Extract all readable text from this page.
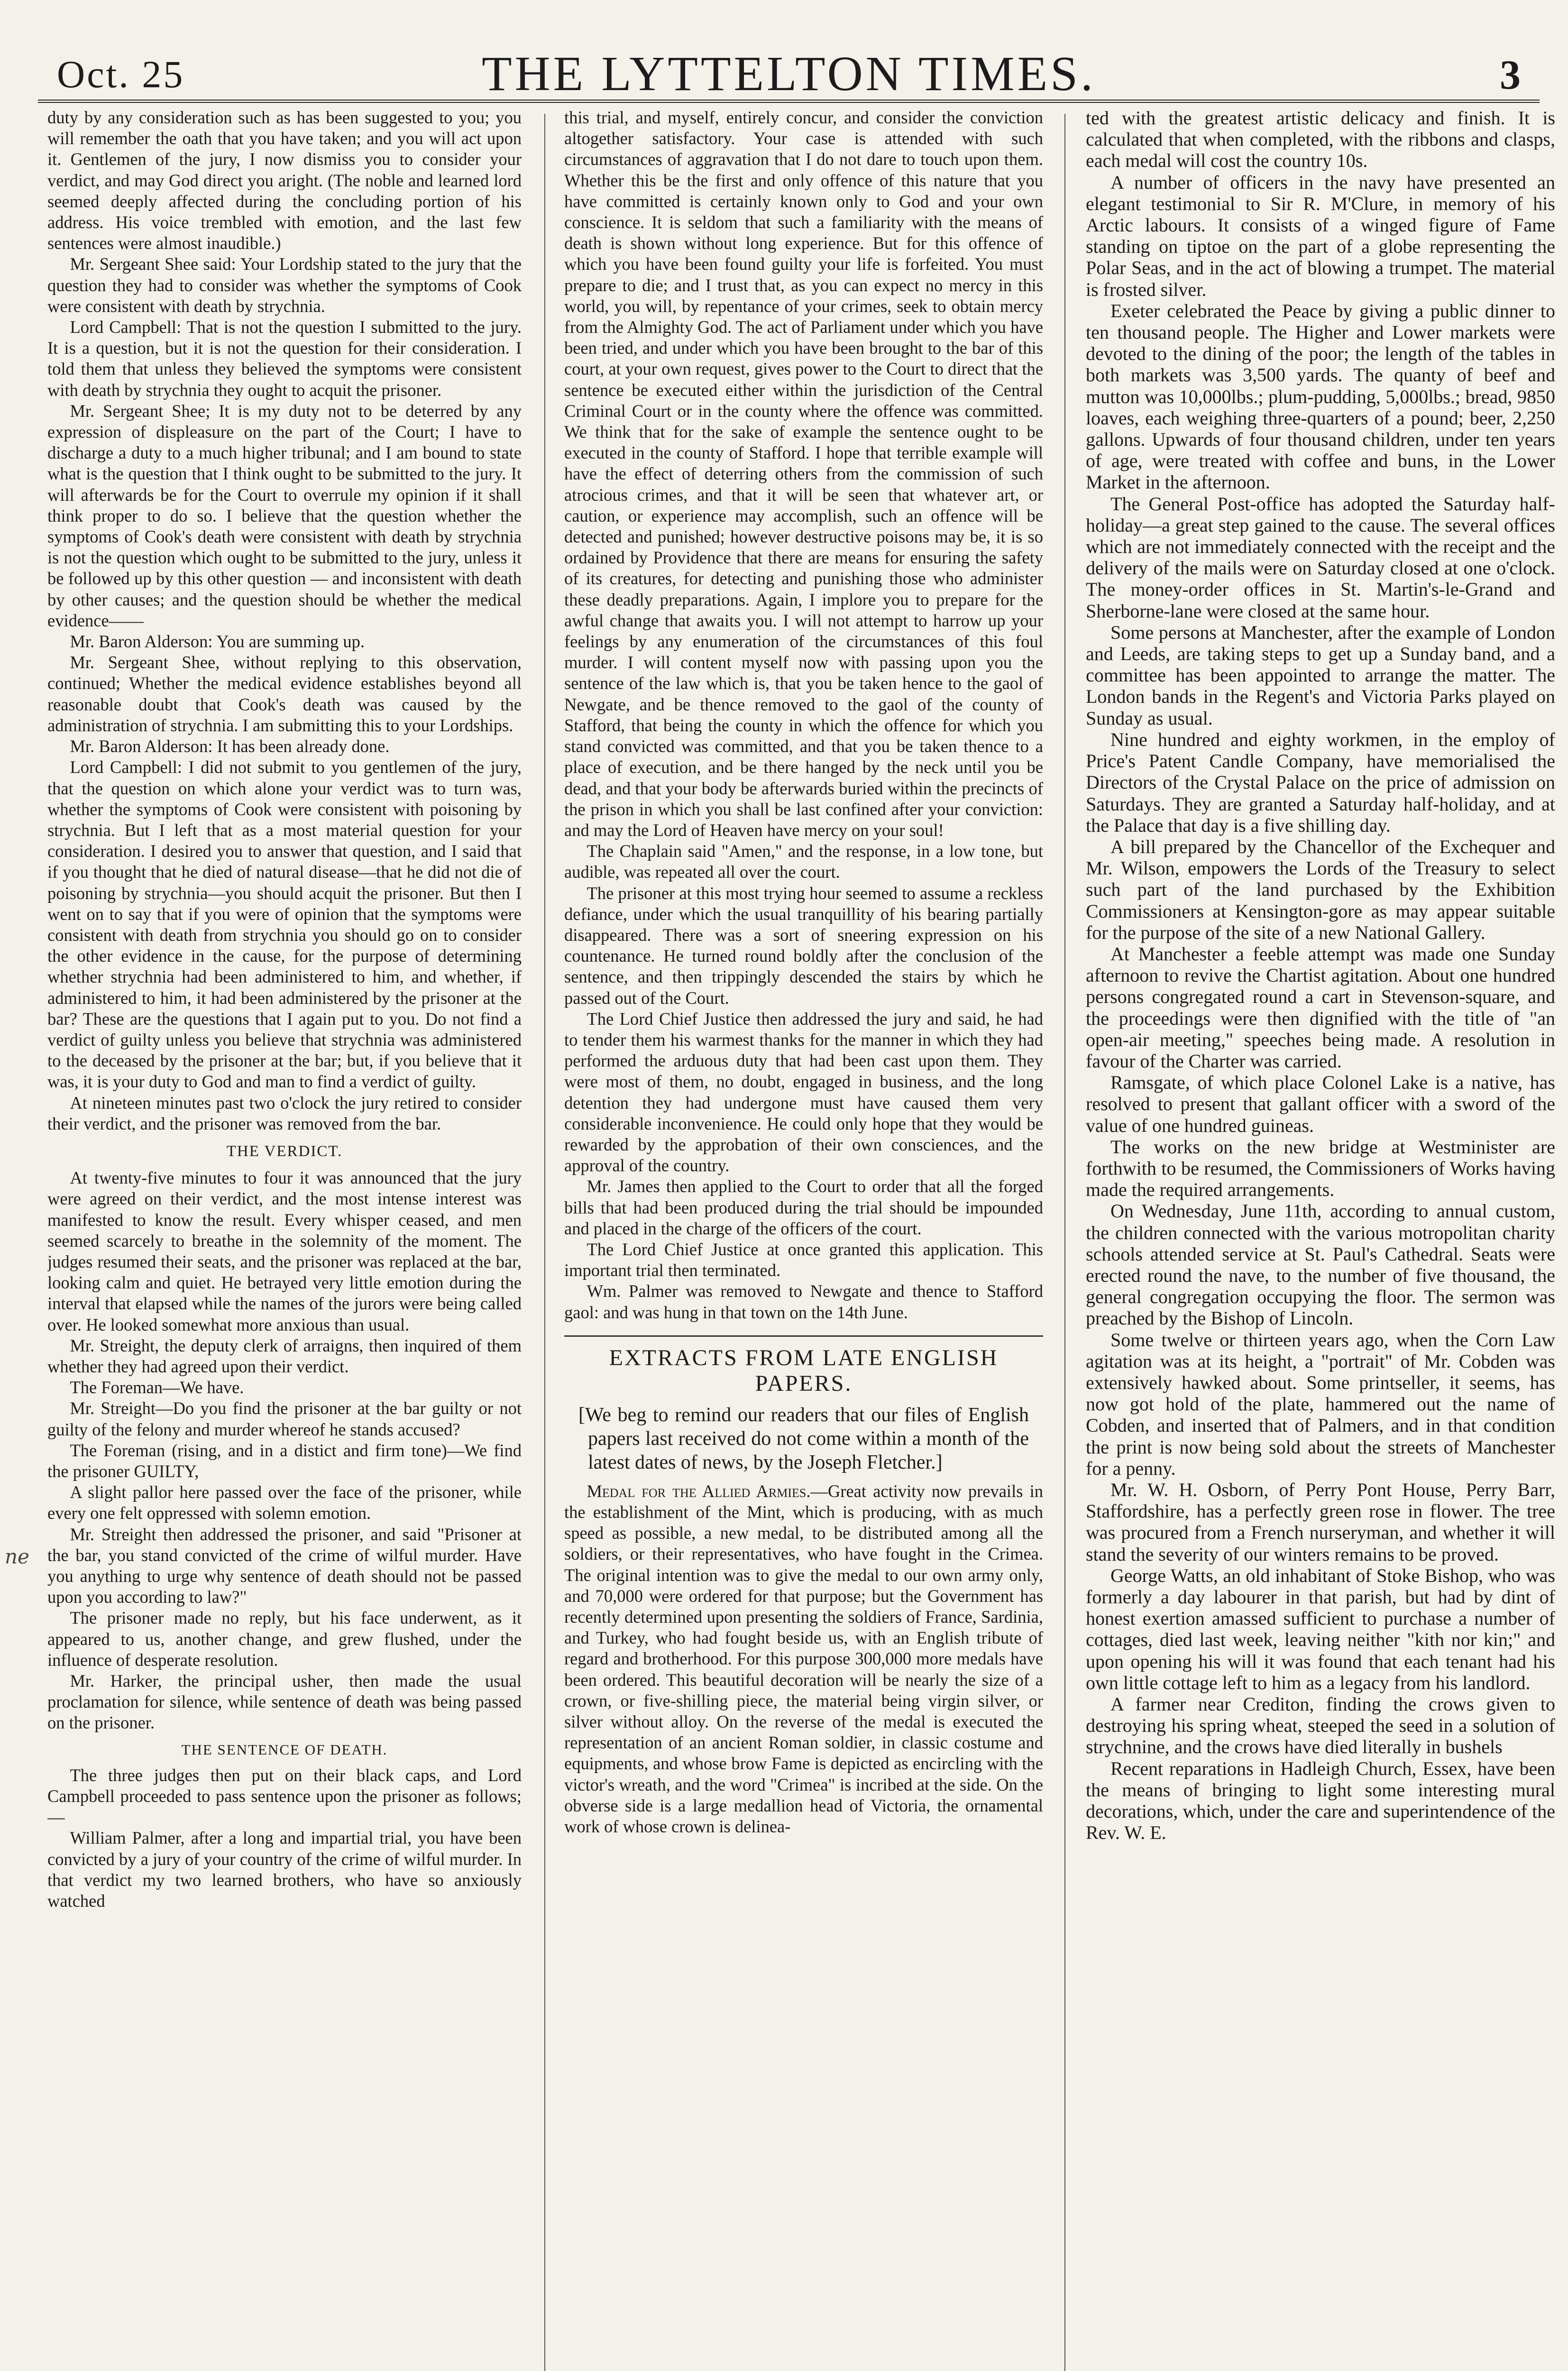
Oct. 25	THE LYTTELTON TIMES.	3
ne

duty by any consideration such as has been suggested to you; you will remember the oath that you have taken; and you will act upon it. Gentlemen of the jury, I now dismiss you to consider your verdict, and may God direct you aright. (The noble and learned lord seemed deeply affected during the concluding portion of his address. His voice trembled with emotion, and the last few sentences were almost inaudible.)

Mr. Sergeant Shee said: Your Lordship stated to the jury that the question they had to consider was whether the symptoms of Cook were consistent with death by strychnia.

Lord Campbell: That is not the question I submitted to the jury. It is a question, but it is not the question for their consideration. I told them that unless they believed the symptoms were consistent with death by strychnia they ought to acquit the prisoner.

Mr. Sergeant Shee; It is my duty not to be deterred by any expression of displeasure on the part of the Court; I have to discharge a duty to a much higher tribunal; and I am bound to state what is the question that I think ought to be submitted to the jury. It will afterwards be for the Court to overrule my opinion if it shall think proper to do so. I believe that the question whether the symptoms of Cook's death were consistent with death by strychnia is not the question which ought to be submitted to the jury, unless it be followed up by this other question — and inconsistent with death by other causes; and the question should be whether the medical evidence——

Mr. Baron Alderson: You are summing up.

Mr. Sergeant Shee, without replying to this observation, continued; Whether the medical evidence establishes beyond all reasonable doubt that Cook's death was caused by the administration of strychnia. I am submitting this to your Lordships.

Mr. Baron Alderson: It has been already done.

Lord Campbell: I did not submit to you gentlemen of the jury, that the question on which alone your verdict was to turn was, whether the symptoms of Cook were consistent with poisoning by strychnia. But I left that as a most material question for your consideration. I desired you to answer that question, and I said that if you thought that he died of natural disease—that he did not die of poisoning by strychnia—you should acquit the prisoner. But then I went on to say that if you were of opinion that the symptoms were consistent with death from strychnia you should go on to consider the other evidence in the cause, for the purpose of determining whether strychnia had been administered to him, and whether, if administered to him, it had been administered by the prisoner at the bar? These are the questions that I again put to you. Do not find a verdict of guilty unless you believe that strychnia was administered to the deceased by the prisoner at the bar; but, if you believe that it was, it is your duty to God and man to find a verdict of guilty.

At nineteen minutes past two o'clock the jury retired to consider their verdict, and the prisoner was removed from the bar.

THE VERDICT.

At twenty-five minutes to four it was announced that the jury were agreed on their verdict, and the most intense interest was manifested to know the result. Every whisper ceased, and men seemed scarcely to breathe in the solemnity of the moment. The judges resumed their seats, and the prisoner was replaced at the bar, looking calm and quiet. He betrayed very little emotion during the interval that elapsed while the names of the jurors were being called over. He looked somewhat more anxious than usual.

Mr. Streight, the deputy clerk of arraigns, then inquired of them whether they had agreed upon their verdict.

The Foreman—We have.

Mr. Streight—Do you find the prisoner at the bar guilty or not guilty of the felony and murder whereof he stands accused?

The Foreman (rising, and in a distict and firm tone)—We find the prisoner GUILTY,

A slight pallor here passed over the face of the prisoner, while every one felt oppressed with solemn emotion.

Mr. Streight then addressed the prisoner, and said "Prisoner at the bar, you stand convicted of the crime of wilful murder. Have you anything to urge why sentence of death should not be passed upon you according to law?"

The prisoner made no reply, but his face underwent, as it appeared to us, another change, and grew flushed, under the influence of desperate resolution.

Mr. Harker, the principal usher, then made the usual proclamation for silence, while sentence of death was being passed on the prisoner.

THE SENTENCE OF DEATH.

The three judges then put on their black caps, and Lord Campbell proceeded to pass sentence upon the prisoner as follows;—

William Palmer, after a long and impartial trial, you have been convicted by a jury of your country of the crime of wilful murder. In that verdict my two learned brothers, who have so anxiously watched

this trial, and myself, entirely concur, and consider the conviction altogether satisfactory. Your case is attended with such circumstances of aggravation that I do not dare to touch upon them. Whether this be the first and only offence of this nature that you have committed is certainly known only to God and your own conscience. It is seldom that such a familiarity with the means of death is shown without long experience. But for this offence of which you have been found guilty your life is forfeited. You must prepare to die; and I trust that, as you can expect no mercy in this world, you will, by repentance of your crimes, seek to obtain mercy from the Almighty God. The act of Parliament under which you have been tried, and under which you have been brought to the bar of this court, at your own request, gives power to the Court to direct that the sentence be executed either within the jurisdiction of the Central Criminal Court or in the county where the offence was committed. We think that for the sake of example the sentence ought to be executed in the county of Stafford. I hope that terrible example will have the effect of deterring others from the commission of such atrocious crimes, and that it will be seen that whatever art, or caution, or experience may accomplish, such an offence will be detected and punished; however destructive poisons may be, it is so ordained by Providence that there are means for ensuring the safety of its creatures, for detecting and punishing those who administer these deadly preparations. Again, I implore you to prepare for the awful change that awaits you. I will not attempt to harrow up your feelings by any enumeration of the circumstances of this foul murder. I will content myself now with passing upon you the sentence of the law which is, that you be taken hence to the gaol of Newgate, and be thence removed to the gaol of the county of Stafford, that being the county in which the offence for which you stand convicted was committed, and that you be taken thence to a place of execution, and be there hanged by the neck until you be dead, and that your body be afterwards buried within the precincts of the prison in which you shall be last confined after your conviction: and may the Lord of Heaven have mercy on your soul!

The Chaplain said "Amen," and the response, in a low tone, but audible, was repeated all over the court.

The prisoner at this most trying hour seemed to assume a reckless defiance, under which the usual tranquillity of his bearing partially disappeared. There was a sort of sneering expression on his countenance. He turned round boldly after the conclusion of the sentence, and then trippingly descended the stairs by which he passed out of the Court.

The Lord Chief Justice then addressed the jury and said, he had to tender them his warmest thanks for the manner in which they had performed the arduous duty that had been cast upon them. They were most of them, no doubt, engaged in business, and the long detention they had undergone must have caused them very considerable inconvenience. He could only hope that they would be rewarded by the approbation of their own consciences, and the approval of the country.

Mr. James then applied to the Court to order that all the forged bills that had been produced during the trial should be impounded and placed in the charge of the officers of the court.

The Lord Chief Justice at once granted this application. This important trial then terminated.

Wm. Palmer was removed to Newgate and thence to Stafford gaol: and was hung in that town on the 14th June.

EXTRACTS FROM LATE ENGLISH PAPERS.

[We beg to remind our readers that our files of English papers last received do not come within a month of the latest dates of news, by the Joseph Fletcher.]

Medal for the Allied Armies.—Great activity now prevails in the establishment of the Mint, which is producing, with as much speed as possible, a new medal, to be distributed among all the soldiers, or their representatives, who have fought in the Crimea. The original intention was to give the medal to our own army only, and 70,000 were ordered for that purpose; but the Government has recently determined upon presenting the soldiers of France, Sardinia, and Turkey, who had fought beside us, with an English tribute of regard and brotherhood. For this purpose 300,000 more medals have been ordered. This beautiful decoration will be nearly the size of a crown, or five-shilling piece, the material being virgin silver, or silver without alloy. On the reverse of the medal is executed the representation of an ancient Roman soldier, in classic costume and equipments, and whose brow Fame is depicted as encircling with the victor's wreath, and the word "Crimea" is incribed at the side. On the obverse side is a large medallion head of Victoria, the ornamental work of whose crown is delinea-

ted with the greatest artistic delicacy and finish. It is calculated that when completed, with the ribbons and clasps, each medal will cost the country 10s.

A number of officers in the navy have presented an elegant testimonial to Sir R. M'Clure, in memory of his Arctic labours. It consists of a winged figure of Fame standing on tiptoe on the part of a globe representing the Polar Seas, and in the act of blowing a trumpet. The material is frosted silver.

Exeter celebrated the Peace by giving a public dinner to ten thousand people. The Higher and Lower markets were devoted to the dining of the poor; the length of the tables in both markets was 3,500 yards. The quanty of beef and mutton was 10,000lbs.; plum-pudding, 5,000lbs.; bread, 9850 loaves, each weighing three-quarters of a pound; beer, 2,250 gallons. Upwards of four thousand children, under ten years of age, were treated with coffee and buns, in the Lower Market in the afternoon.

The General Post-office has adopted the Saturday half-holiday—a great step gained to the cause. The several offices which are not immediately connected with the receipt and the delivery of the mails were on Saturday closed at one o'clock. The money-order offices in St. Martin's-le-Grand and Sherborne-lane were closed at the same hour.

Some persons at Manchester, after the example of London and Leeds, are taking steps to get up a Sunday band, and a committee has been appointed to arrange the matter. The London bands in the Regent's and Victoria Parks played on Sunday as usual.

Nine hundred and eighty workmen, in the employ of Price's Patent Candle Company, have memorialised the Directors of the Crystal Palace on the price of admission on Saturdays. They are granted a Saturday half-holiday, and at the Palace that day is a five shilling day.

A bill prepared by the Chancellor of the Exchequer and Mr. Wilson, empowers the Lords of the Treasury to select such part of the land purchased by the Exhibition Commissioners at Kensington-gore as may appear suitable for the purpose of the site of a new National Gallery.

At Manchester a feeble attempt was made one Sunday afternoon to revive the Chartist agitation. About one hundred persons congregated round a cart in Stevenson-square, and the proceedings were then dignified with the title of "an open-air meeting," speeches being made. A resolution in favour of the Charter was carried.

Ramsgate, of which place Colonel Lake is a native, has resolved to present that gallant officer with a sword of the value of one hundred guineas.

The works on the new bridge at Westminister are forthwith to be resumed, the Commissioners of Works having made the required arrangements.

On Wednesday, June 11th, according to annual custom, the children connected with the various motropolitan charity schools attended service at St. Paul's Cathedral. Seats were erected round the nave, to the number of five thousand, the general congregation occupying the floor. The sermon was preached by the Bishop of Lincoln.

Some twelve or thirteen years ago, when the Corn Law agitation was at its height, a "portrait" of Mr. Cobden was extensively hawked about. Some printseller, it seems, has now got hold of the plate, hammered out the name of Cobden, and inserted that of Palmers, and in that condition the print is now being sold about the streets of Manchester for a penny.

Mr. W. H. Osborn, of Perry Pont House, Perry Barr, Staffordshire, has a perfectly green rose in flower. The tree was procured from a French nurseryman, and whether it will stand the severity of our winters remains to be proved.

George Watts, an old inhabitant of Stoke Bishop, who was formerly a day labourer in that parish, but had by dint of honest exertion amassed sufficient to purchase a number of cottages, died last week, leaving neither "kith nor kin;" and upon opening his will it was found that each tenant had his own little cottage left to him as a legacy from his landlord.

A farmer near Crediton, finding the crows given to destroying his spring wheat, steeped the seed in a solution of strychnine, and the crows have died literally in bushels

Recent reparations in Hadleigh Church, Essex, have been the means of bringing to light some interesting mural decorations, which, under the care and superintendence of the Rev. W. E.
